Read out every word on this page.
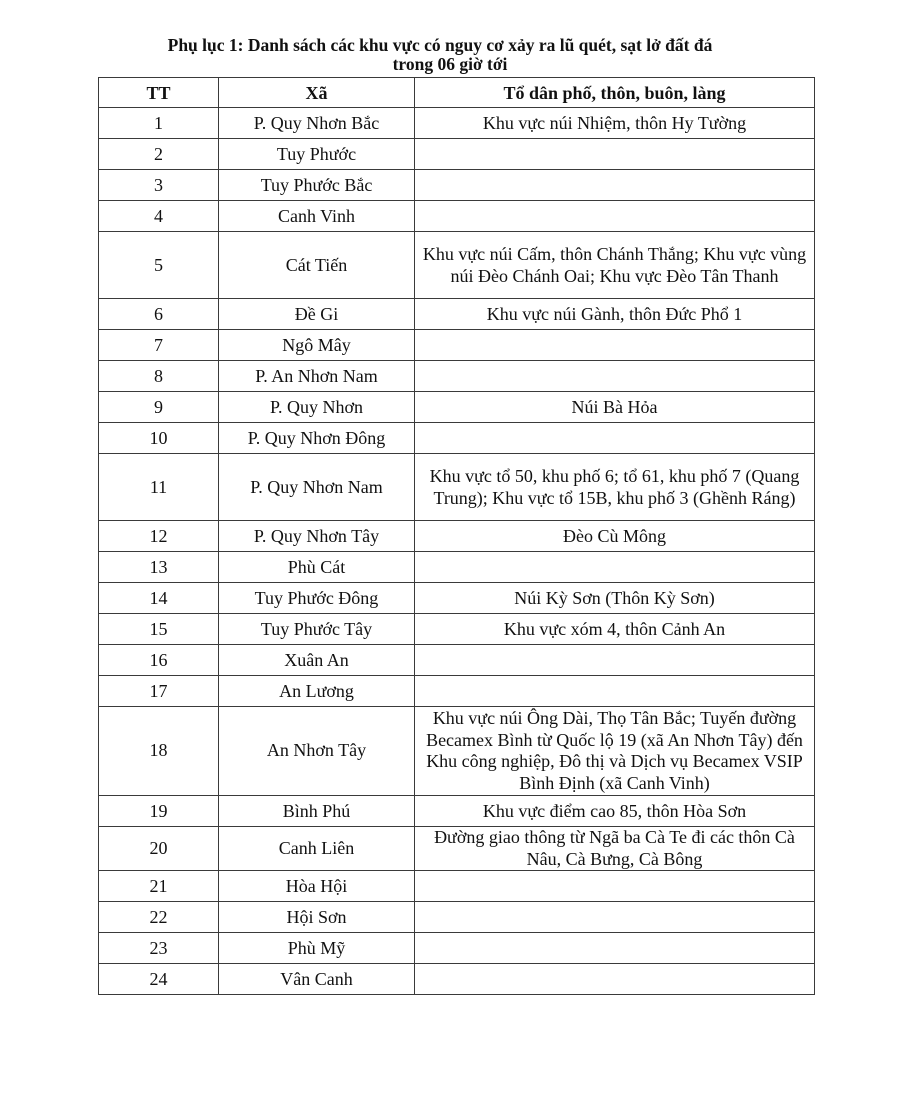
Phụ lục 1: Danh sách các khu vực có nguy cơ xảy ra lũ quét, sạt lở đất đá
trong 06 giờ tới
TT	Xã	Tổ dân phố, thôn, buôn, làng
1	P. Quy Nhơn Bắc	Khu vực núi Nhiệm, thôn Hy Tường
2	Tuy Phước	
3	Tuy Phước Bắc	
4	Canh Vinh	
5	Cát Tiến	Khu vực núi Cấm, thôn Chánh Thắng; Khu vực vùng núi Đèo Chánh Oai; Khu vực Đèo Tân Thanh
6	Đề Gi	Khu vực núi Gành, thôn Đức Phổ 1
7	Ngô Mây	
8	P. An Nhơn Nam	
9	P. Quy Nhơn	Núi Bà Hỏa
10	P. Quy Nhơn Đông	
11	P. Quy Nhơn Nam	Khu vực tổ 50, khu phố 6; tổ 61, khu phố 7 (Quang Trung); Khu vực tổ 15B, khu phố 3 (Ghềnh Ráng)
12	P. Quy Nhơn Tây	Đèo Cù Mông
13	Phù Cát	
14	Tuy Phước Đông	Núi Kỳ Sơn (Thôn Kỳ Sơn)
15	Tuy Phước Tây	Khu vực xóm 4, thôn Cảnh An
16	Xuân An	
17	An Lương	
18	An Nhơn Tây	Khu vực núi Ông Dài, Thọ Tân Bắc; Tuyến đường Becamex Bình từ Quốc lộ 19 (xã An Nhơn Tây) đến Khu công nghiệp, Đô thị và Dịch vụ Becamex VSIP Bình Định (xã Canh Vinh)
19	Bình Phú	Khu vực điểm cao 85, thôn Hòa Sơn
20	Canh Liên	Đường giao thông từ Ngã ba Cà Te đi các thôn Cà Nâu, Cà Bưng, Cà Bông
21	Hòa Hội	
22	Hội Sơn	
23	Phù Mỹ	
24	Vân Canh	
